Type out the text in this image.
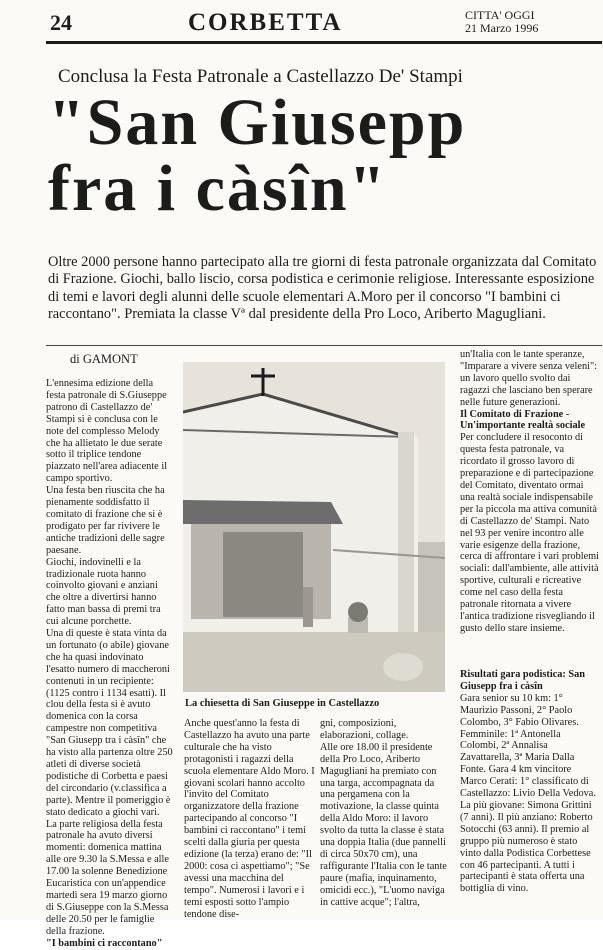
24	CORBETTA	CITTA' OGGI
21 Marzo 1996
Conclusa la Festa Patronale a Castellazzo De' Stampi
"San Giusepp
fra i càsîn"
Oltre 2000 persone hanno partecipato alla tre giorni di festa patronale organizzata dal Comitato di Frazione. Giochi, ballo liscio, corsa podistica e cerimonie religiose. Interessante esposizione di temi e lavori degli alunni delle scuole elementari A.Moro per il concorso "I bambini ci raccontano". Premiata la classe Vª dal presidente della Pro Loco, Ariberto Magugliani.
di GAMONT

L'ennesima edizione della festa patronale di S.Giuseppe patrono di Castellazzo de' Stampi si è conclusa con le note del complesso Melody che ha allietato le due serate sotto il triplice tendone piazzato nell'area adiacente il campo sportivo.

Una festa ben riuscita che ha pienamente soddisfatto il comitato di frazione che si è prodigato per far rivivere le antiche tradizioni delle sagre paesane.

Giochi, indovinelli e la tradizionale ruota hanno coinvolto giovani e anziani che oltre a divertirsi hanno fatto man bassa di premi tra cui alcune porchette.

Una di queste è stata vinta da un fortunato (o abile) giovane che ha quasi indovinato l'esatto numero di maccheroni contenuti in un recipiente: (1125 contro i 1134 esatti). Il clou della festa si è avuto domenica con la corsa campestre non competitiva "San Giusepp tra i càsîn" che ha visto alla partenza oltre 250 atleti di diverse società podistiche di Corbetta e paesi del circondario (v.classifica a parte). Mentre il pomeriggio è stato dedicato a giochi vari.

La parte religiosa della festa patronale ha avuto diversi momenti: domenica mattina alle ore 9.30 la S.Messa e alle 17.00 la solenne Benedizione Eucaristica con un'appendice martedì sera 19 marzo giorno di S.Giuseppe con la S.Messa delle 20.50 per le famiglie della frazione.

"I bambini ci raccontano"

La chiesetta di San Giuseppe in Castellazzo

Anche quest'anno la festa di Castellazzo ha avuto una parte culturale che ha visto protagonisti i ragazzi della scuola elementare Aldo Moro. I giovani scolari hanno accolto l'invito del Comitato organizzatore della frazione partecipando al concorso "I bambini ci raccontano" i temi scelti dalla giuria per questa edizione (la terza) erano de: "Il 2000: cosa ci aspettiamo"; "Se avessi una macchina del tempo". Numerosi i lavori e i temi esposti sotto l'ampio tendone dise-

gni, composizioni, elaborazioni, collage.

Alle ore 18.00 il presidente della Pro Loco, Ariberto Magugliani ha premiato con una targa, accompagnata da una pergamena con la motivazione, la classe quinta della Aldo Moro: il lavoro svolto da tutta la classe è stata una doppia Italia (due pannelli di circa 50x70 cm), una raffigurante l'Italia con le tante paure (mafia, inquinamento, omicidi ecc.), "L'uomo naviga in cattive acque"; l'altra,

un'Italia con le tante speranze, "Imparare a vivere senza veleni": un lavoro quello svolto dai ragazzi che lasciano ben sperare nelle future generazioni.

Il Comitato di Frazione - Un'importante realtà sociale

Per concludere il resoconto di questa festa patronale, va ricordato il grosso lavoro di preparazione e di partecipazione del Comitato, diventato ormai una realtà sociale indispensabile per la piccola ma attiva comunità di Castellazzo de' Stampi. Nato nel 93 per venire incontro alle varie esigenze della frazione, cerca di affrontare i vari problemi sociali: dall'ambiente, alle attività sportive, culturali e ricreative come nel caso della festa patronale ritornata a vivere l'antica tradizione risvegliando il gusto dello stare insieme.

Risultati gara podistica: San Giusepp fra i càsîn

Gara senior su 10 km: 1° Maurizio Passoni, 2° Paolo Colombo, 3° Fabio Olivares. Femminile: 1ª Antonella Colombi, 2ª Annalisa Zavattarella, 3ª Maria Dalla Fonte. Gara 4 km vincitore Marco Cerati: 1° classificato di Castellazzo: Livio Della Vedova. La più giovane: Simona Grittini (7 anni). Il più anziano: Roberto Sotocchi (63 anni). Il premio al gruppo più numeroso è stato vinto dalla Podistica Corbettese con 46 partecipanti. A tutti i partecipanti è stata offerta una bottiglia di vino.
